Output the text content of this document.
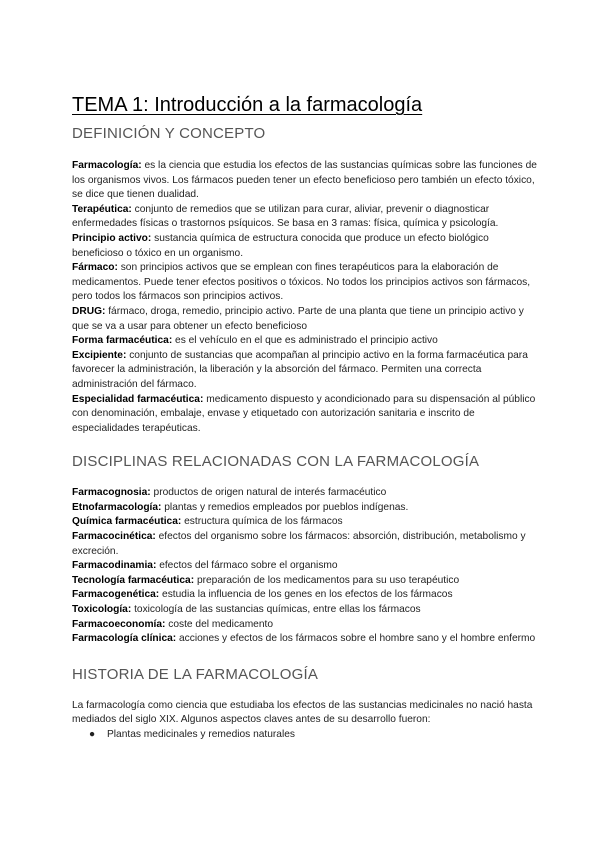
TEMA 1: Introducción a la farmacología
DEFINICIÓN Y CONCEPTO

Farmacología: es la ciencia que estudia los efectos de las sustancias químicas sobre las funciones de los organismos vivos. Los fármacos pueden tener un efecto beneficioso pero también un efecto tóxico, se dice que tienen dualidad.

Terapéutica: conjunto de remedios que se utilizan para curar, aliviar, prevenir o diagnosticar enfermedades físicas o trastornos psíquicos. Se basa en 3 ramas: física, química y psicología.

Principio activo: sustancia química de estructura conocida que produce un efecto biológico beneficioso o tóxico en un organismo.

Fármaco: son principios activos que se emplean con fines terapéuticos para la elaboración de medicamentos. Puede tener efectos positivos o tóxicos. No todos los principios activos son fármacos, pero todos los fármacos son principios activos.

DRUG: fármaco, droga, remedio, principio activo. Parte de una planta que tiene un principio activo y que se va a usar para obtener un efecto beneficioso

Forma farmacéutica: es el vehículo en el que es administrado el principio activo

Excipiente: conjunto de sustancias que acompañan al principio activo en la forma farmacéutica para favorecer la administración, la liberación y la absorción del fármaco. Permiten una correcta administración del fármaco.

Especialidad farmacéutica: medicamento dispuesto y acondicionado para su dispensación al público con denominación, embalaje, envase y etiquetado con autorización sanitaria e inscrito de especialidades terapéuticas.

DISCIPLINAS RELACIONADAS CON LA FARMACOLOGÍA

Farmacognosia: productos de origen natural de interés farmacéutico

Etnofarmacología: plantas y remedios empleados por pueblos indígenas.

Química farmacéutica: estructura química de los fármacos

Farmacocinética: efectos del organismo sobre los fármacos: absorción, distribución, metabolismo y excreción.

Farmacodinamia: efectos del fármaco sobre el organismo

Tecnología farmacéutica: preparación de los medicamentos para su uso terapéutico

Farmacogenética: estudia la influencia de los genes en los efectos de los fármacos

Toxicología: toxicología de las sustancias químicas, entre ellas los fármacos

Farmacoeconomía: coste del medicamento

Farmacología clínica: acciones y efectos de los fármacos sobre el hombre sano y el hombre enfermo

HISTORIA DE LA FARMACOLOGÍA

La farmacología como ciencia que estudiaba los efectos de las sustancias medicinales no nació hasta mediados del siglo XIX. Algunos aspectos claves antes de su desarrollo fueron:

● Plantas medicinales y remedios naturales
